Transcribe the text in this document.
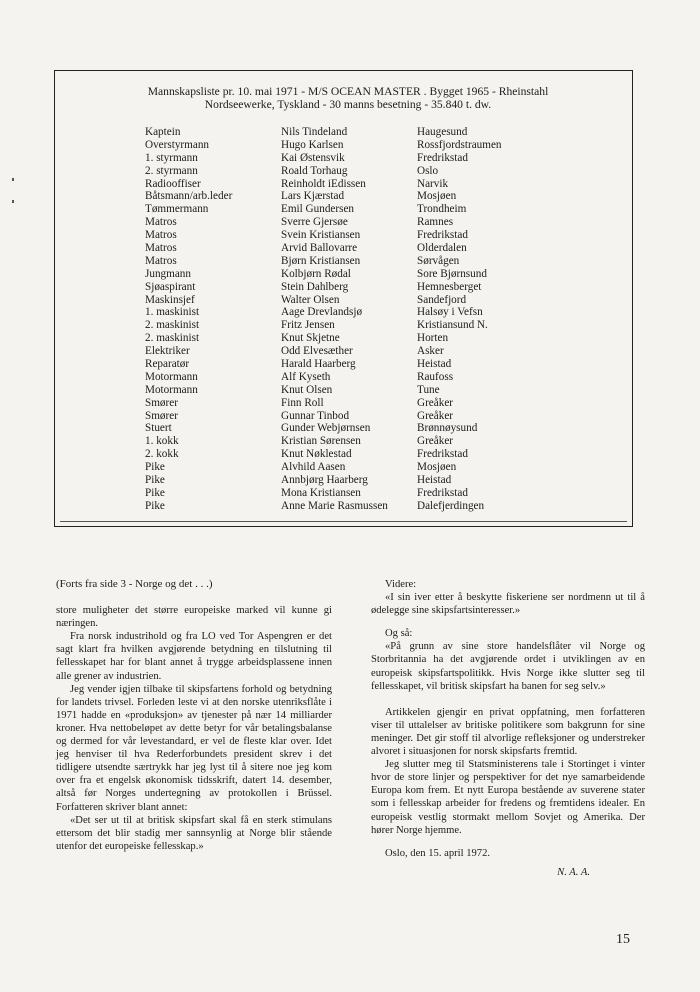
Mannskapsliste pr. 10. mai 1971 - M/S OCEAN MASTER . Bygget 1965 - Rheinstahl Nordseewerke, Tyskland - 30 manns besetning - 35.840 t. dw.
Kaptein	Nils Tindeland	Haugesund
Overstyrmann	Hugo Karlsen	Rossfjordstraumen
1. styrmann	Kai Østensvik	Fredrikstad
2. styrmann	Roald Torhaug	Oslo
Radiooffiser	Reinholdt iEdissen	Narvik
Båtsmann/arb.leder	Lars Kjærstad	Mosjøen
Tømmermann	Emil Gundersen	Trondheim
Matros	Sverre Gjersøe	Ramnes
Matros	Svein Kristiansen	Fredrikstad
Matros	Arvid Ballovarre	Olderdalen
Matros	Bjørn Kristiansen	Sørvågen
Jungmann	Kolbjørn Rødal	Sore Bjørnsund
Sjøaspirant	Stein Dahlberg	Hemnesberget
Maskinsjef	Walter Olsen	Sandefjord
1. maskinist	Aage Drevlandsjø	Halsøy i Vefsn
2. maskinist	Fritz Jensen	Kristiansund N.
2. maskinist	Knut Skjetne	Horten
Elektriker	Odd Elvesæther	Asker
Reparatør	Harald Haarberg	Heistad
Motormann	Alf Kyseth	Raufoss
Motormann	Knut Olsen	Tune
Smører	Finn Roll	Greåker
Smører	Gunnar Tinbod	Greåker
Stuert	Gunder Webjørnsen	Brønnøysund
1. kokk	Kristian Sørensen	Greåker
2. kokk	Knut Nøklestad	Fredrikstad
Pike	Alvhild Aasen	Mosjøen
Pike	Annbjørg Haarberg	Heistad
Pike	Mona Kristiansen	Fredrikstad
Pike	Anne Marie Rasmussen	Dalefjerdingen

(Forts fra side 3 - Norge og det . . .)

store muligheter det større europeiske marked vil kunne gi næringen.

Fra norsk industrihold og fra LO ved Tor Aspengren er det sagt klart fra hvilken avgjørende betydning en tilslutning til fellesskapet har for blant annet å trygge arbeidsplassene innen alle grener av industrien.

Jeg vender igjen tilbake til skipsfartens forhold og betydning for landets trivsel. Forleden leste vi at den norske utenriksflåte i 1971 hadde en «produksjon» av tjenester på nær 14 milliarder kroner. Hva nettobeløpet av dette betyr for vår betalingsbalanse og dermed for vår levestandard, er vel de fleste klar over. Idet jeg henviser til hva Rederforbundets president skrev i det tidligere utsendte særtrykk har jeg lyst til å sitere noe jeg kom over fra et engelsk økonomisk tidsskrift, datert 14. desember, altså før Norges undertegning av protokollen i Brüssel. Forfatteren skriver blant annet:

«Det ser ut til at britisk skipsfart skal få en sterk stimulans ettersom det blir stadig mer sannsynlig at Norge blir stående utenfor det europeiske fellesskap.»

Videre:

«I sin iver etter å beskytte fiskeriene ser nordmenn ut til å ødelegge sine skipsfartsinteresser.»

Og så:

«På grunn av sine store handelsflåter vil Norge og Storbritannia ha det avgjørende ordet i utviklingen av en europeisk skipsfartspolitikk. Hvis Norge ikke slutter seg til fellesskapet, vil britisk skipsfart ha banen for seg selv.»

Artikkelen gjengir en privat oppfatning, men forfatteren viser til uttalelser av britiske politikere som bakgrunn for sine meninger. Det gir stoff til alvorlige refleksjoner og understreker alvoret i situasjonen for norsk skipsfarts fremtid.

Jeg slutter meg til Statsministerens tale i Stortinget i vinter hvor de store linjer og perspektiver for det nye samarbeidende Europa kom frem. Et nytt Europa bestående av suverene stater som i fellesskap arbeider for fredens og fremtidens idealer. En europeisk vestlig stormakt mellom Sovjet og Amerika. Der hører Norge hjemme.

Oslo, den 15. april 1972.

N. A. A.

15
